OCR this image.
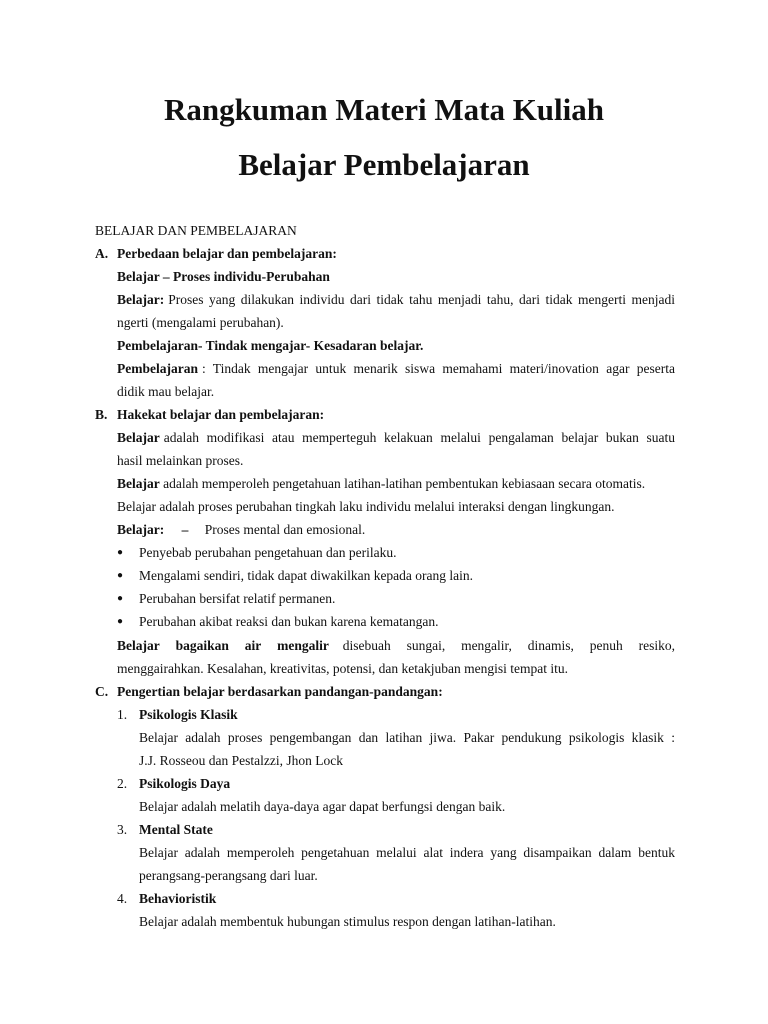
Rangkuman Materi Mata Kuliah
Belajar Pembelajaran
BELAJAR DAN PEMBELAJARAN
A. Perbedaan belajar dan pembelajaran:
Belajar – Proses individu-Perubahan
Belajar: Proses yang dilakukan individu dari tidak tahu menjadi tahu, dari tidak mengerti menjadi
ngerti (mengalami perubahan).
Pembelajaran- Tindak mengajar- Kesadaran belajar.
Pembelajaran : Tindak mengajar untuk menarik siswa memahami materi/inovation agar peserta
didik mau belajar.
B. Hakekat belajar dan pembelajaran:
Belajar adalah modifikasi atau memperteguh kelakuan melalui pengalaman belajar bukan suatu
hasil melainkan proses.
Belajar adalah memperoleh pengetahuan latihan-latihan pembentukan kebiasaan secara otomatis.
Belajar adalah proses perubahan tingkah laku individu melalui interaksi dengan lingkungan.
Belajar: – Proses mental dan emosional.
● Penyebab perubahan pengetahuan dan perilaku.
● Mengalami sendiri, tidak dapat diwakilkan kepada orang lain.
● Perubahan bersifat relatif permanen.
● Perubahan akibat reaksi dan bukan karena kematangan.
Belajar bagaikan air mengalir disebuah sungai, mengalir, dinamis, penuh resiko,
menggairahkan. Kesalahan, kreativitas, potensi, dan ketakjuban mengisi tempat itu.
C. Pengertian belajar berdasarkan pandangan-pandangan:
1. Psikologis Klasik
Belajar adalah proses pengembangan dan latihan jiwa. Pakar pendukung psikologis klasik :
J.J. Rosseou dan Pestalzzi, Jhon Lock
2. Psikologis Daya
Belajar adalah melatih daya-daya agar dapat berfungsi dengan baik.
3. Mental State
Belajar adalah memperoleh pengetahuan melalui alat indera yang disampaikan dalam bentuk
perangsang-perangsang dari luar.
4. Behavioristik
Belajar adalah membentuk hubungan stimulus respon dengan latihan-latihan.
